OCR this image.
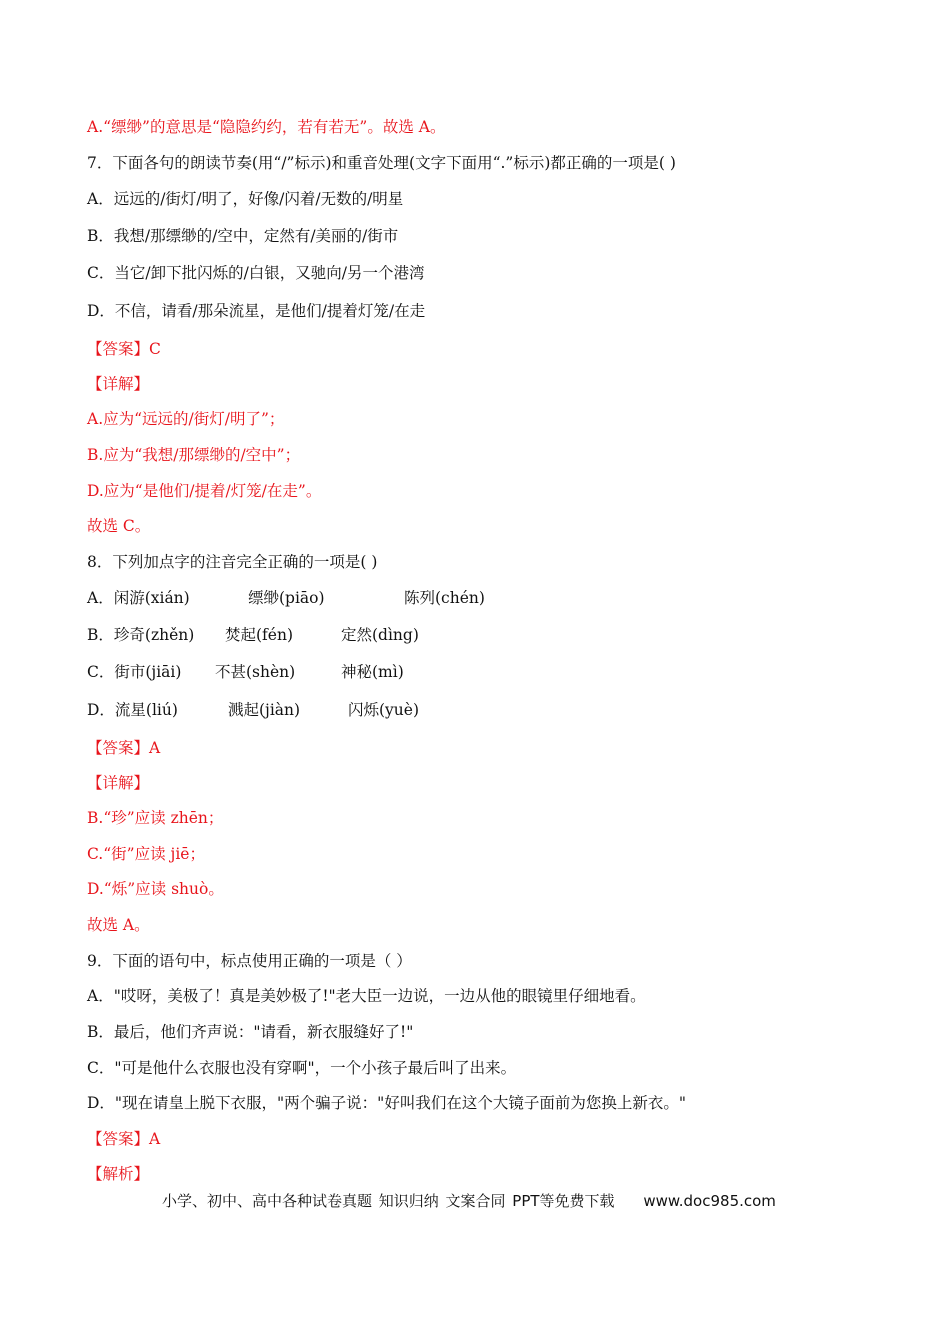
A.“缥缈”的意思是“隐隐约约，若有若无”。故选 A。
7．下面各句的朗读节奏(用“/”标示)和重音处理(文字下面用“.”标示)都正确的一项是( )
A．远远的/街灯/明了，好像/闪着/无数的/明星
B．我想/那缥缈的/空中，定然有/美丽的/街市
C．当它/卸下批闪烁的/白银，又驰向/另一个港湾
D．不信，请看/那朵流星，是他们/提着灯笼/在走
【答案】C
【详解】
A.应为“远远的/街灯/明了”；
B.应为“我想/那缥缈的/空中”；
D.应为“是他们/提着/灯笼/在走”。
故选 C。
8．下列加点字的注音完全正确的一项是( )
A．闲游(xián)	缥缈(piāo)	陈列(chén)
B．珍奇(zhěn) 焚起(fén)	定然(dìng)
C．街市(jiāi) 不甚(shèn)	神秘(mì)
D．流星(liú)	溅起(jiàn)	闪烁(yuè)
【答案】A
【详解】
B.“珍”应读 zhēn；
C.“街”应读 jiē；
D.“烁”应读 shuò。
故选 A。
9．下面的语句中，标点使用正确的一项是（ ）
A．"哎呀，美极了！真是美妙极了!"老大臣一边说，一边从他的眼镜里仔细地看。
B．最后，他们齐声说："请看，新衣服缝好了!"
C．"可是他什么衣服也没有穿啊"，一个小孩子最后叫了出来。
D．"现在请皇上脱下衣服，"两个骗子说："好叫我们在这个大镜子面前为您换上新衣。"
【答案】A
【解析】
小学、初中、高中各种试卷真题 知识归纳 文案合同 PPT等免费下载 www.doc985.com
